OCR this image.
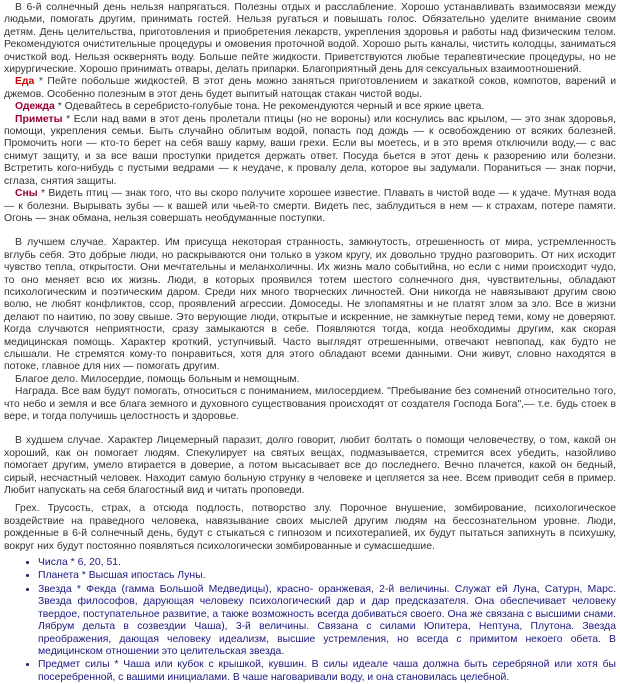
В 6-й солнечный день нельзя напрягаться. Полезны отдых и расслабление. Хорошо устанавливать взаимосвязи между людьми, помогать другим, принимать гостей. Нельзя ругаться и повышать голос. Обязательно уделите внимание своим детям. День целительства, приготовления и приобретения лекарств, укрепления здоровья и работы над физическим телом. Рекомендуются очистительные процедуры и омовения проточной водой. Хорошо рыть каналы, чистить колодцы, заниматься очисткой вод. Нельзя осквернять воду. Больше пейте жидкости. Приветствуются любые терапевтические процедуры, но не хирургические. Хорошо принимать отвары, делать припарки. Благоприятный день для сексуальных взаимоотношений.

Еда * Пейте побольше жидкостей. В этот день можно заняться приготовлением и закаткой соков, компотов, варений и джемов. Особенно полезным в этот день будет выпитый натощак стакан чистой воды.

Одежда * Одевайтесь в серебристо-голубые тона. Не рекомендуются черный и все яркие цвета.

Приметы * Если над вами в этот день пролетали птицы (но не вороны) или коснулись вас крылом, — это знак здоровья, помощи, укрепления семьи. Быть случайно облитым водой, попасть под дождь — к освобождению от всяких болезней. Промочить ноги — кто-то берет на себя вашу карму, ваши грехи. Если вы моетесь, и в это время отключили воду,— с вас снимут защиту, и за все ваши проступки придется держать ответ. Посуда бьется в этот день к разорению или болезни. Встретить кого-нибудь с пустыми ведрами — к неудаче, к провалу дела, которое вы задумали. Пораниться — знак порчи, сглаза, снятия защиты.

Сны * Видеть птиц — знак того, что вы скоро получите хорошее известие. Плавать в чистой воде — к удаче. Мутная вода — к болезни. Вырывать зубы — к вашей или чьей-то смерти. Видеть пес, заблудиться в нем — к страхам, потере памяти. Огонь — знак обмана, нельзя совершать необдуманные поступки.

В лучшем случае. Характер. Им присуща некоторая странность, замкнутость, отрешенность от мира, устремленность вглубь себя. Это добрые люди, но раскрываются они только в узком кругу, их довольно трудно разговорить. От них исходит чувство тепла, открытости. Они мечтательны и меланхоличны. Их жизнь мало событийна, но если с ними происходит чудо, то оно меняет всю их жизнь. Люди, в которых проявился тотем шестого солнечного дня, чувствительны, обладают психологическим и поэтическим даром. Среди них много творческих личностей. Они никогда не навязывают другим свою волю, не любят конфликтов, ссор, проявлений агрессии. Домоседы. Не злопамятны и не платят злом за зло. Все в жизни делают по наитию, по зову свыше. Это верующие люди, открытые и искренние, не замкнутые перед теми, кому не доверяют. Когда случаются неприятности, сразу замыкаются в себе. Появляются тогда, когда необходимы другим, как скорая медицинская помощь. Характер кроткий, уступчивый. Часто выглядят отрешенными, отвечают невпопад, как будто не слышали. Не стремятся кому-то понравиться, хотя для этого обладают всеми данными. Они живут, словно находятся в потоке, главное для них — помогать другим.

Благое дело. Милосердие, помощь больным и немощным.

Награда. Все вам будут помогать, относиться с пониманием, милосердием. "Пребывание без сомнений относительно того, что небо и земля и все блага земного и духовного существования происходят от создателя Господа Бога",— т.е. будь стоек в вере, и тогда получишь целостность и здоровье.

В худшем случае. Характер Лицемерный паразит, долго говорит, любит болтать о помощи человечеству, о том, какой он хороший, как он помогает людям. Спекулирует на святых вещах, подмазывается, стремится всех убедить, назойливо помогает другим, умело втирается в доверие, а потом высасывает все до последнего. Вечно плачется, какой он бедный, сирый, несчастный человек. Находит самую больную струнку в человеке и цепляется за нее. Всем приводит себя в пример. Любит напускать на себя благостный вид и читать проповеди.

Грех. Трусость, страх, а отсюда подлость, потворство злу. Порочное внушение, зомбирование, психологическое воздействие на праведного человека, навязывание своих мыслей другим людям на бессознательном уровне. Люди, рожденные в 6-й солнечный день, будут с стыкаться с гипнозом и психотерапией, их будут пытаться запихнуть в психушку, вокруг них будут постоянно появляться психологически зомбированные и сумасшедшие.

• Числа * 6, 20, 51.
• Планета * Высшая ипостась Луны.
• Звезда * Фекда (гамма Большой Медведицы), красно- оранжевая, 2-й величины. Служат ей Луна, Сатурн, Марс. Звезда философов, дарующая человеку психологический дар и дар предсказателя. Она обеспечивает человеку твердое, поступательное развитие, а также возможность всегда добиваться своего. Она же связана с высшими снами. Лябрум дельта в созвездии Чаша), 3-й величины. Связана с силами Юпитера, Нептуна, Плутона. Звезда преображения, дающая человеку идеализм, высшие устремления, но всегда с примитом некоего обета. В медицинском отношении это целительская звезда.
• Предмет силы * Чаша или кубок с крышкой, кувшин. В силы идеале чаша должна быть серебряной или хотя бы посеребренной, с вашими инициалами. В чаше наговаривали воду, и она становилась целебной.
